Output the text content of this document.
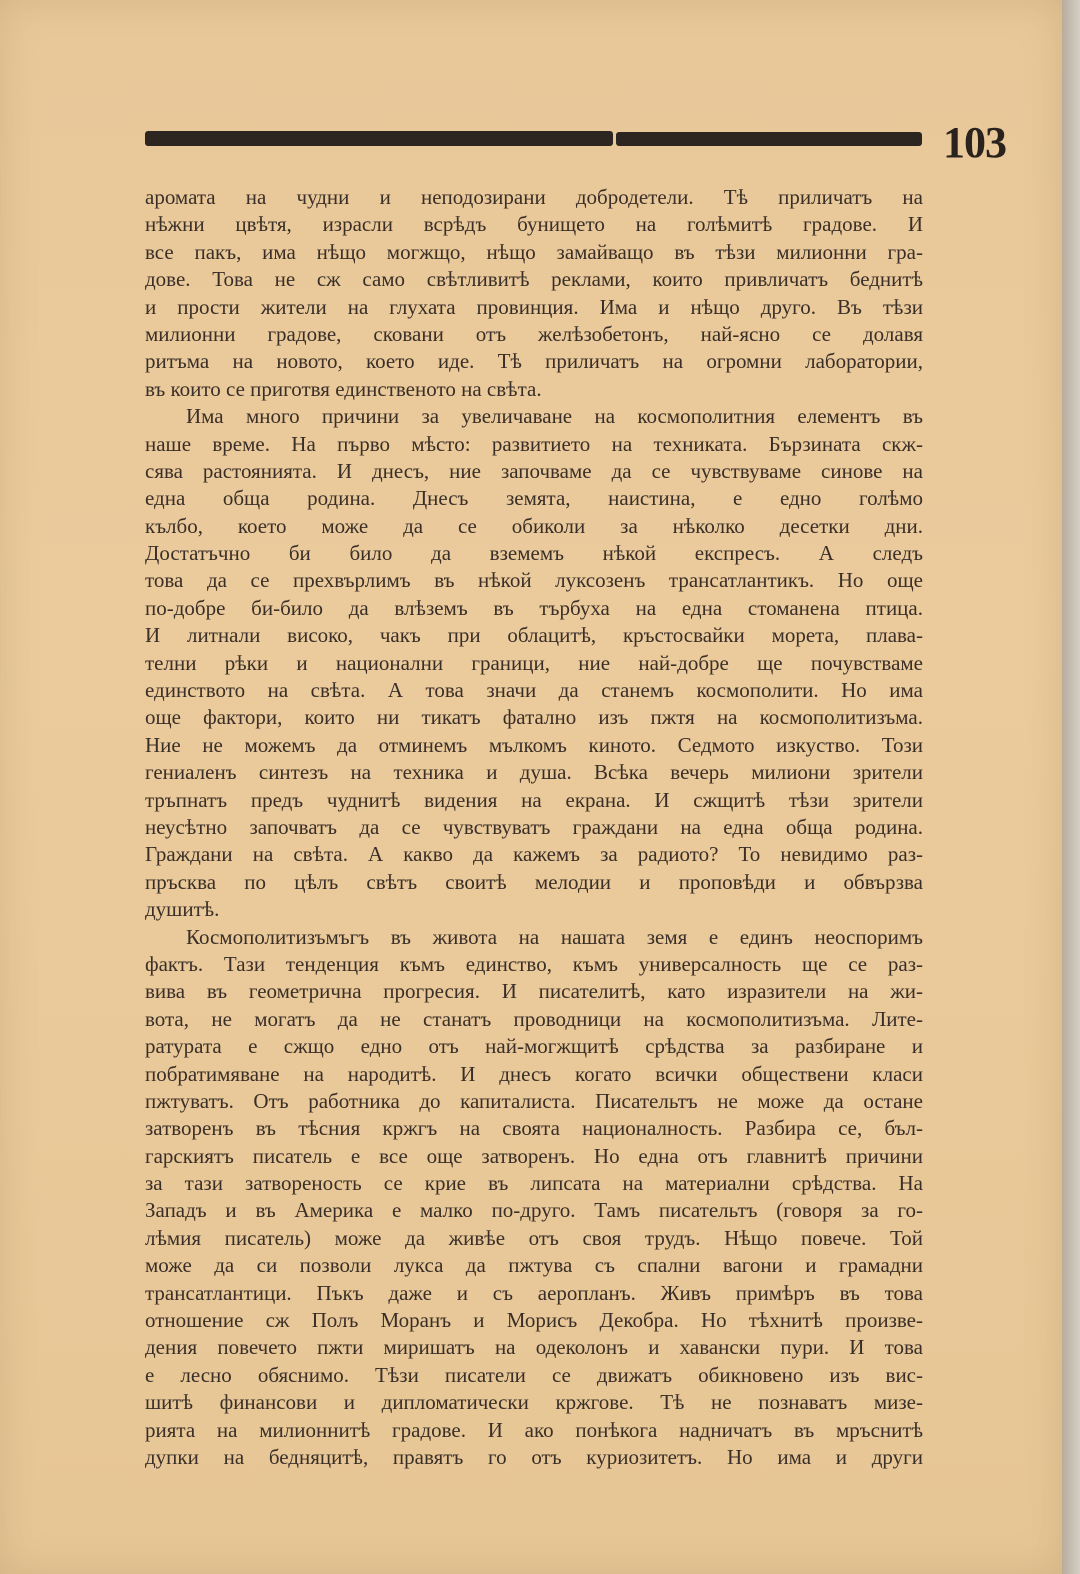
103
аромата на чудни и неподозирани добродетели. Тѣ приличатъ на
нѣжни цвѣтя, израсли всрѣдъ бунището на голѣмитѣ градове. И
все пакъ, има нѣщо могжщо, нѣщо замайващо въ тѣзи милионни гра-
дове. Това не сж само свѣтливитѣ реклами, които привличатъ беднитѣ
и прости жители на глухата провинция. Има и нѣщо друго. Въ тѣзи
милионни градове, сковани отъ желѣзобетонъ, най-ясно се долавя
ритъма на новото, което иде. Тѣ приличатъ на огромни лаборатории,
въ които се приготвя единственото на свѣта.
Има много причини за увеличаване на космополитния елементъ въ
наше време. На първо мѣсто: развитието на техниката. Бързината скж-
сява растоянията. И днесъ, ние започваме да се чувствуваме синове на
една обща родина. Днесъ земята, наистина, е едно голѣмо
кълбо, което може да се обиколи за нѣколко десетки дни.
Достатъчно би било да вземемъ нѣкой експресъ. А следъ
това да се прехвърлимъ въ нѣкой луксозенъ трансатлантикъ. Но още
по-добре би-било да влѣземъ въ търбуха на една стоманена птица.
И литнали високо, чакъ при облацитѣ, кръстосвайки морета, плава-
телни рѣки и национални граници, ние най-добре ще почувстваме
единството на свѣта. А това значи да станемъ космополити. Но има
още фактори, които ни тикатъ фатално изъ пжтя на космополитизъма.
Ние не можемъ да отминемъ мълкомъ киното. Седмото изкуство. Този
гениаленъ синтезъ на техника и душа. Всѣка вечерь милиони зрители
тръпнатъ предъ чуднитѣ видения на екрана. И сжщитѣ тѣзи зрители
неусѣтно започватъ да се чувствуватъ граждани на една обща родина.
Граждани на свѣта. А какво да кажемъ за радиото? То невидимо раз-
пръсква по цѣлъ свѣтъ своитѣ мелодии и проповѣди и обвързва
душитѣ.
Космополитизъмъгъ въ живота на нашата земя е единъ неоспоримъ
фактъ. Тази тенденция къмъ единство, къмъ универсалность ще се раз-
вива въ геометрична прогресия. И писателитѣ, като изразители на жи-
вота, не могатъ да не станатъ проводници на космополитизъма. Лите-
ратурата е сжщо едно отъ най-могжщитѣ срѣдства за разбиране и
побратимяване на народитѣ. И днесъ когато всички обществени класи
пжтуватъ. Отъ работника до капиталиста. Писательтъ не може да остане
затворенъ въ тѣсния кржгъ на своята националность. Разбира се, бъл-
гарскиятъ писатель е все още затворенъ. Но една отъ главнитѣ причини
за тази затвореность се крие въ липсата на материални срѣдства. На
Западъ и въ Америка е малко по-друго. Тамъ писательтъ (говоря за го-
лѣмия писатель) може да живѣе отъ своя трудъ. Нѣщо повече. Той
може да си позволи лукса да пжтува съ спални вагони и грамадни
трансатлантици. Пъкъ даже и съ аеропланъ. Живъ примѣръ въ това
отношение сж Полъ Моранъ и Морисъ Декобра. Но тѣхнитѣ произве-
дения повечето пжти миришатъ на одеколонъ и хавански пури. И това
е лесно обяснимо. Тѣзи писатели се движатъ обикновено изъ вис-
шитѣ финансови и дипломатически кржгове. Тѣ не познаватъ мизе-
рията на милионнитѣ градове. И ако понѣкога надничатъ въ мръснитѣ
дупки на бедняцитѣ, правятъ го отъ куриозитетъ. Но има и други
